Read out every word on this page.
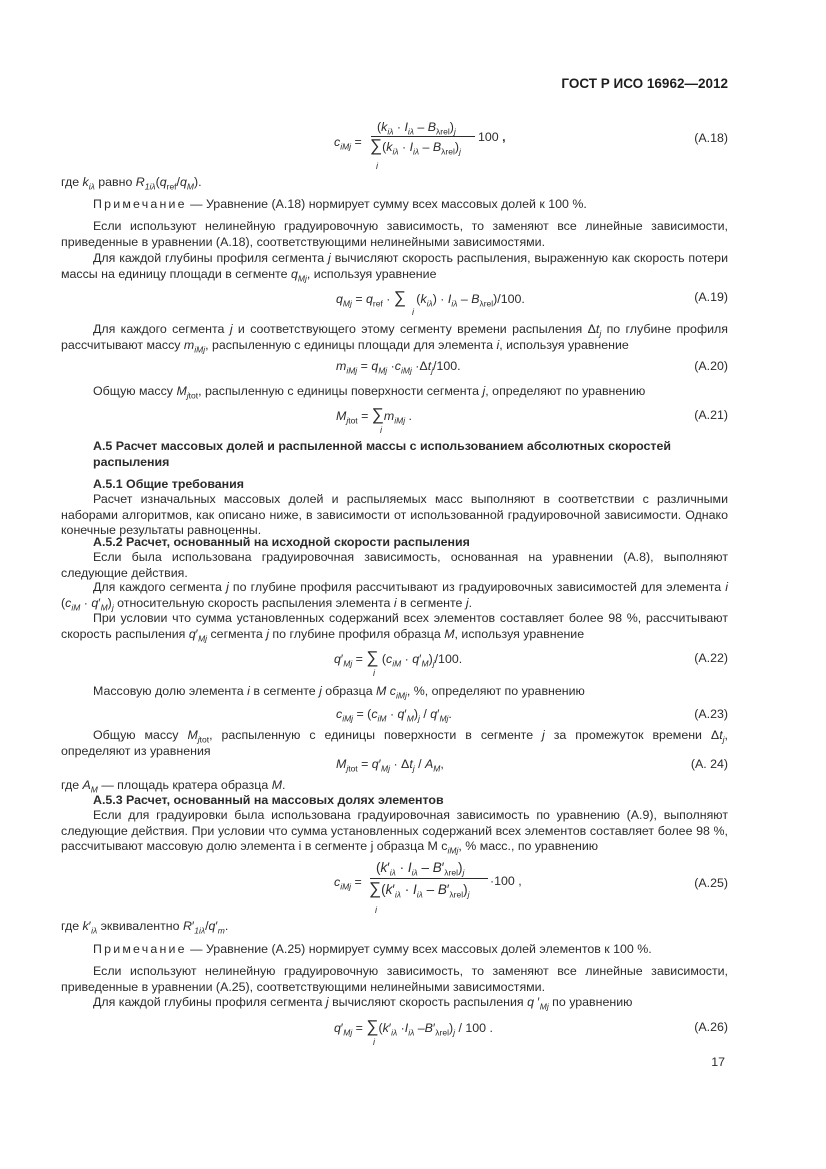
ГОСТ Р ИСО 16962—2012
$c_{iMj}$ =
$(k_{i\lambda} \cdot I_{i\lambda} - B_{\lambda rel})_j$
$\sum(k_{i\lambda} \cdot I_{i\lambda} - B_{\lambda rel})_j$
i
100 ,	(A.18)
где $k_{i\lambda}$ равно $R_{1i\lambda}(q_{ref}/q_M)$.
Примечание — Уравнение (А.18) нормирует сумму всех массовых долей к 100 %.
Если используют нелинейную градуировочную зависимость, то заменяют все линейные зависимости, приведенные в уравнении (А.18), соответствующими нелинейными зависимостями.
Для каждой глубины профиля сегмента j вычисляют скорость распыления, выраженную как скорость потери массы на единицу площади в сегменте $q_{Mj}$, используя уравнение
$q_{Mj} = q_{ref}$ · ∑   $(k_{i\lambda}) \cdot I_{i\lambda} - B_{\lambda rel})/100$.
i
(A.19)
Для каждого сегмента j и соответствующего этому сегменту времени распыления $\Delta t_j$ по глубине профиля рассчитывают массу $m_{iMj}$, распыленную с единицы площади для элемента i, используя уравнение
$m_{iMj} = q_{Mj} \cdot c_{iMj} \cdot\Delta t_j/100$.	(A.20)
Общую массу $M_{jtot}$, распыленную с единицы поверхности сегмента j, определяют по уравнению
$M_{jtot} = \sum m_{iMj}$ .
i
(A.21)
А.5 Расчет массовых долей и распыленной массы с использованием абсолютных скоростей распыления
А.5.1 Общие требования
Расчет изначальных массовых долей и распыляемых масс выполняют в соответствии с различными наборами алгоритмов, как описано ниже, в зависимости от использованной градуировочной зависимости. Однако конечные результаты равноценны.
А.5.2 Расчет, основанный на исходной скорости распыления
Если была использована градуировочная зависимость, основанная на уравнении (А.8), выполняют следующие действия.
Для каждого сегмента j по глубине профиля рассчитывают из градуировочных зависимостей для элемента i $(c_{iM} \cdot q'_M)_j$ относительную скорость распыления элемента i в сегменте j.
При условии что сумма установленных содержаний всех элементов составляет более 98 %, рассчитывают скорость распыления $q'_{Mj}$ сегмента j по глубине профиля образца M, используя уравнение
$q'_{Mj}$ = ∑ $(c_{iM} \cdot q'_M)_j/100$.
i
(A.22)
Массовую долю элемента i в сегменте j образца M $c_{iMj}$, %, определяют по уравнению
$c_{iMj} = (c_{iM} \cdot q'_M)_j / q'_{Mj}$.	(A.23)
Общую массу $M_{jtot}$, распыленную с единицы поверхности в сегменте j за промежуток времени $\Delta t_j$, определяют из уравнения
$M_{jtot} = q'_{Mj} \cdot \Delta t_j / A_M$,	(A. 24)
где $A_M$ — площадь кратера образца M.
А.5.3 Расчет, основанный на массовых долях элементов
Если для градуировки была использована градуировочная зависимость по уравнению (А.9), выполняют следующие действия. При условии что сумма установленных содержаний всех элементов составляет более 98 %, рассчитывают массовую долю элемента i в сегменте j образца M $c_{iMj}$, % масс., по уравнению
$c_{iMj}$ =
$(k'_{i\lambda} \cdot I_{i\lambda} - B'_{\lambda rel})_j$
$\sum(k'_{i\lambda} \cdot I_{i\lambda} - B'_{\lambda rel})_j$
i
·100 ,	(A.25)
где $k'_{i\lambda}$ эквивалентно $R'_{1i\lambda}/q'_m$.
Примечание — Уравнение (А.25) нормирует сумму всех массовых долей элементов к 100 %.
Если используют нелинейную градуировочную зависимость, то заменяют все линейные зависимости, приведенные в уравнении (А.25), соответствующими нелинейными зависимостями.
Для каждой глубины профиля сегмента j вычисляют скорость распыления q $'_{Mj}$ по уравнению
$q'_{Mj} = \sum(k'_{i\lambda} \cdot I_{i\lambda}$ $-B'_{\lambda rel})_j / 100$ .
i
(A.26)
17
